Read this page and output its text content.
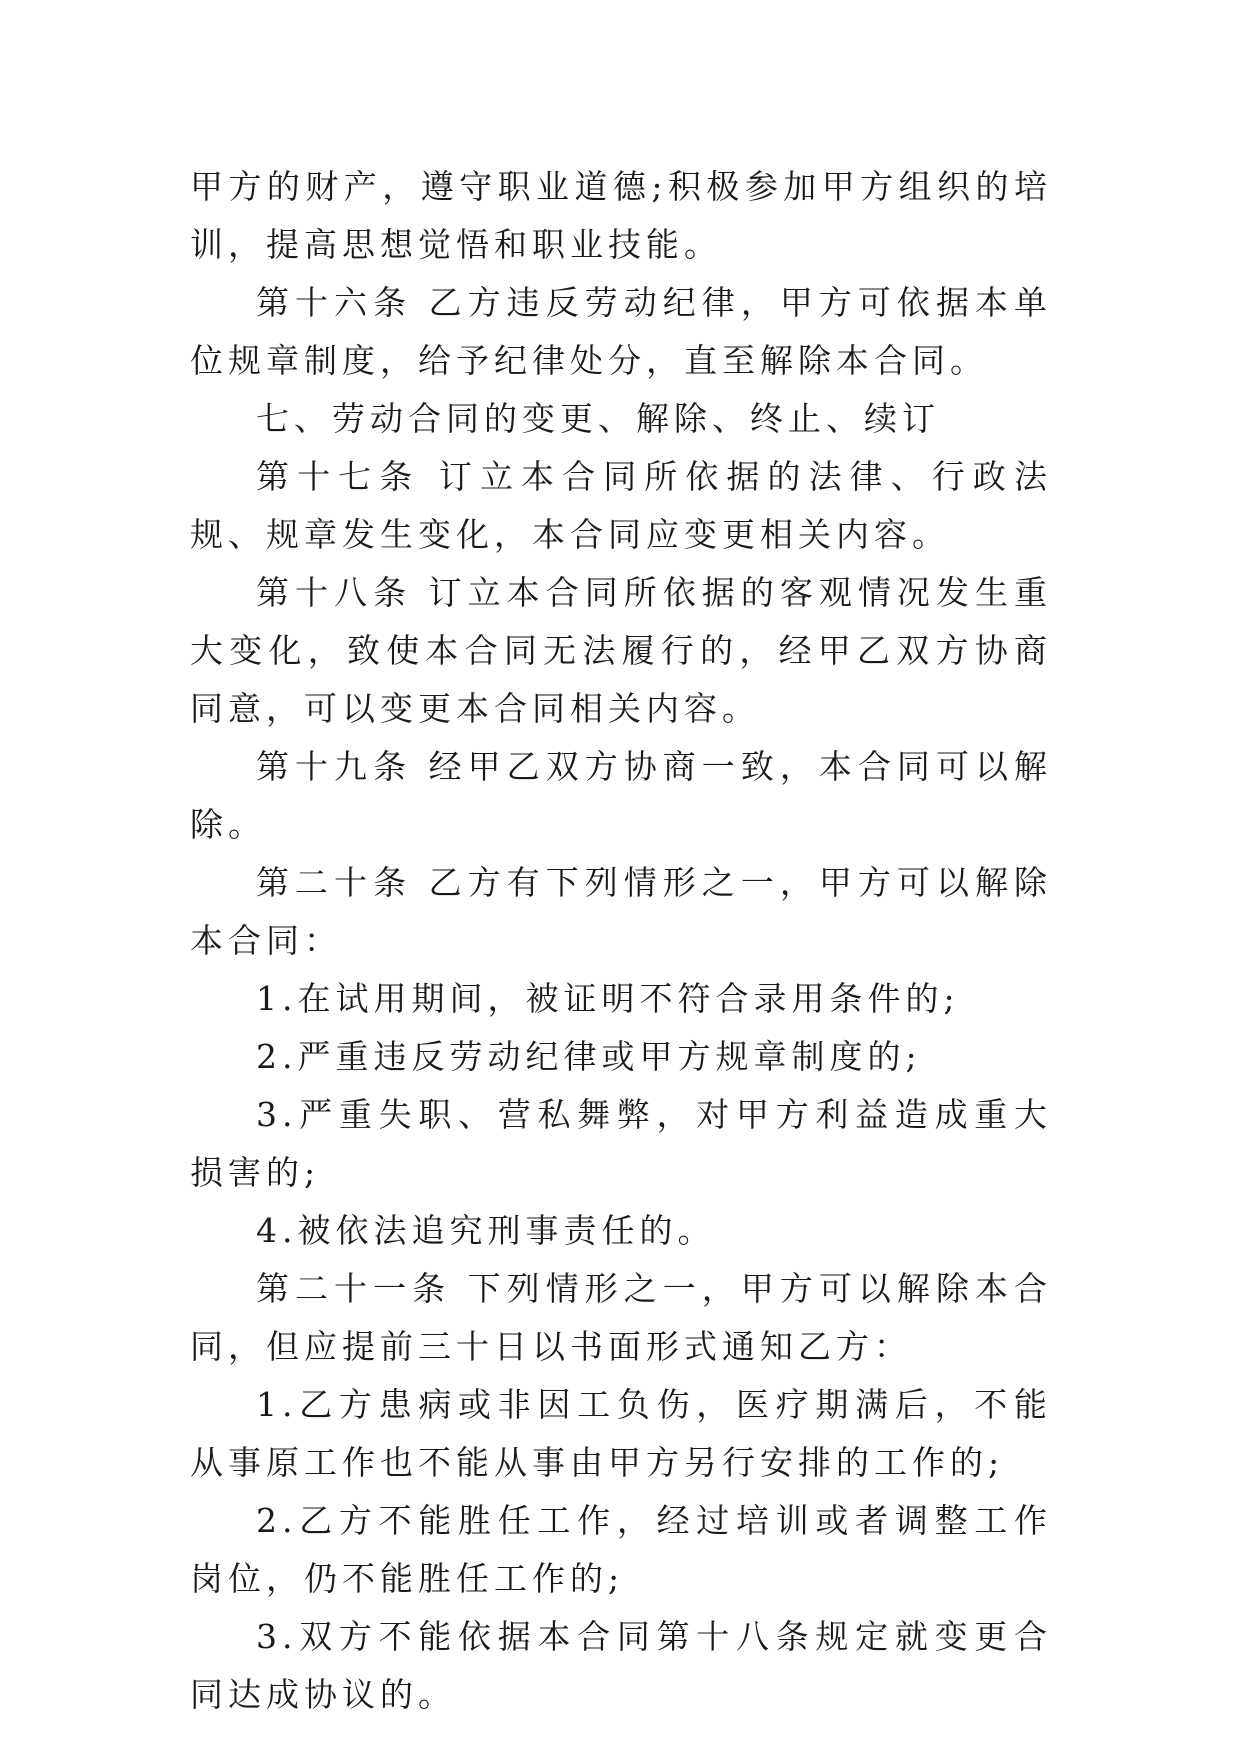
甲方的财产，遵守职业道德;积极参加甲方组织的培训，提高思想觉悟和职业技能。

第十六条 乙方违反劳动纪律，甲方可依据本单位规章制度，给予纪律处分，直至解除本合同。

七、劳动合同的变更、解除、终止、续订

第十七条 订立本合同所依据的法律、行政法规、规章发生变化，本合同应变更相关内容。

第十八条 订立本合同所依据的客观情况发生重大变化，致使本合同无法履行的，经甲乙双方协商同意，可以变更本合同相关内容。

第十九条 经甲乙双方协商一致，本合同可以解除。

第二十条 乙方有下列情形之一，甲方可以解除本合同：

1.在试用期间，被证明不符合录用条件的;

2.严重违反劳动纪律或甲方规章制度的;

3.严重失职、营私舞弊，对甲方利益造成重大损害的;

4.被依法追究刑事责任的。

第二十一条 下列情形之一，甲方可以解除本合同，但应提前三十日以书面形式通知乙方：

1.乙方患病或非因工负伤，医疗期满后，不能从事原工作也不能从事由甲方另行安排的工作的;

2.乙方不能胜任工作，经过培训或者调整工作岗位，仍不能胜任工作的;

3.双方不能依据本合同第十八条规定就变更合同达成协议的。
